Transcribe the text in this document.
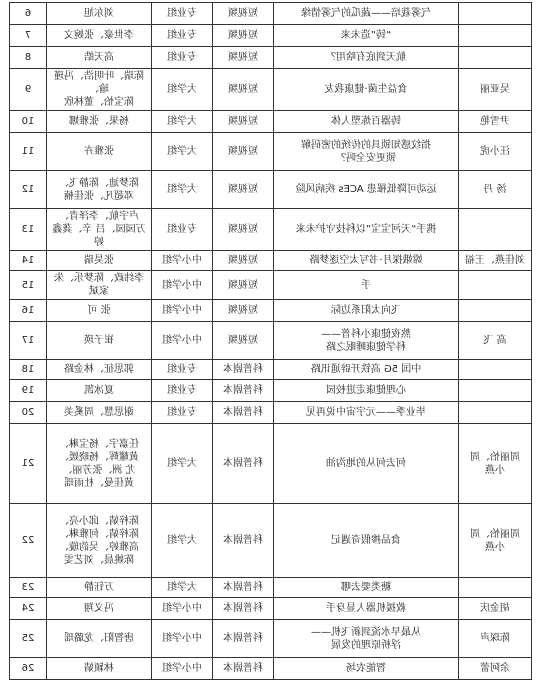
	气雾栽培——蔬瓜的气雾情缘	短视频	专业组	刘东旭	6
	“铸”造未来	短视频	专业组	李世豪、张婉文	7
	航天到底有啥用？	短视频	专业组	高天皓	8
吴亚丽	食益生菌·健康我友	短视频	大学组	陈瑞、叶明浩、冯瑾瑜、
陈宝怡、董林欣	9
尹雪艳	铸器百炼塑人体	短视频	大学组	杨果、张雅娜	10
汪小虎	指纹感知锁具的传统的密码解
锁更安全吗？	短视频	大学组	张雅卉	11
汤 丹	运动可降低罹患 ACEs 疾病风险	短视频	大学组	陈梦迪、陈静飞、
邓超凡、张佳楠	12
	携手“天河宝宝”以科技守护未来	短视频	专业组	卢宇航、李泽青、
万园园、吕 辛、龚鑫婷	13
刘佳燕、王福	嫦娥探月·书写太空逐梦路	短视频	中小学组	张昊瑞	14
	手	短视频	中小学组	李纬政、陈梦乐、朱家斌	15
	飞向太阳系边际	短视频	中小学组	张 可	16
高 飞	熬夜健康小科普——
科学健康睡眠之路	短视频	中小学组	崔子瑛	17
	中国 5G 高铁开辟通讯路	科普剧本	专业组	郭思征、林金路	18
	心理健康走进校园	科普剧本	专业组	夏冰凯	19
	毕业季——元宇宙中说再见	科普剧本	专业组	谢思慧、周奚美	20
周丽怡、周
小燕	何去何从的地沟油	科普剧本	大学组	任嘉宇、杨宝琳、
黄耀辉、杨晓媛、
尤 洲、张芳丽、
黄佳曼、杜雨瑶	21
周丽怡、周
小燕	食品掺假奇遇记	科普剧本	大学组	陈梓婧、邱小亮、
陈梓婧、何雅琳、
高雅婷、吴韵璇、
陈姚晨、刘艺雯	22
	糖类要去哪	科普剧本	大学组	万钰静	23
胡金庆	救援机器人显身手	科普剧本	中小学组	冯义翔	24
陈琛声	从最早水流到新飞机——
浮桥原理的发展	科普剧本	中小学组	唐智阳、龙璐瑶	25
余阿蕾	智能农场	科普剧本	中小学组	林颖婧	26
